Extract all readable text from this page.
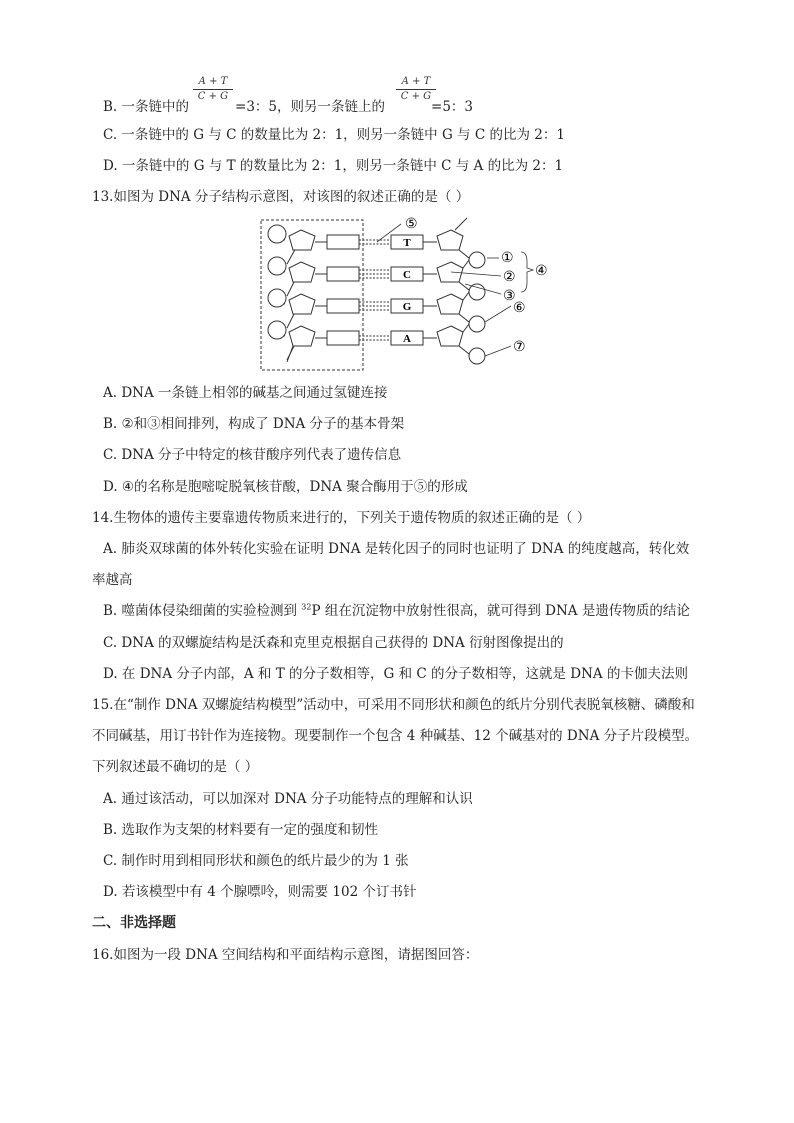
A + T
C + G
A + T
C + G
B. 一条链中的	=3：5，则另一条链上的	=5：3
C. 一条链中的 G 与 C 的数量比为 2：1，则另一条链中 G 与 C 的比为 2：1
D. 一条链中的 G 与 T 的数量比为 2：1，则另一条链中 C 与 A 的比为 2：1
13.如图为 DNA 分子结构示意图，对该图的叙述正确的是（ ）
T
C
G
A
⑤
①
②
③
④
⑥
⑦
A. DNA 一条链上相邻的碱基之间通过氢键连接
B. ②和③相间排列，构成了 DNA 分子的基本骨架
C. DNA 分子中特定的核苷酸序列代表了遗传信息
D. ④的名称是胞嘧啶脱氧核苷酸，DNA 聚合酶用于⑤的形成
14.生物体的遗传主要靠遗传物质来进行的，下列关于遗传物质的叙述正确的是（ ）
A. 肺炎双球菌的体外转化实验在证明 DNA 是转化因子的同时也证明了 DNA 的纯度越高，转化效
率越高
B. 噬菌体侵染细菌的实验检测到 $^{32}$P 组在沉淀物中放射性很高，就可得到 DNA 是遗传物质的结论
C. DNA 的双螺旋结构是沃森和克里克根据自己获得的 DNA 衍射图像提出的
D. 在 DNA 分子内部，A 和 T 的分子数相等，G 和 C 的分子数相等，这就是 DNA 的卡伽夫法则
15.在“制作 DNA 双螺旋结构模型”活动中，可采用不同形状和颜色的纸片分别代表脱氧核糖、磷酸和
不同碱基，用订书针作为连接物。现要制作一个包含 4 种碱基、12 个碱基对的 DNA 分子片段模型。
下列叙述最不确切的是（ ）
A. 通过该活动，可以加深对 DNA 分子功能特点的理解和认识
B. 选取作为支架的材料要有一定的强度和韧性
C. 制作时用到相同形状和颜色的纸片最少的为 1 张
D. 若该模型中有 4 个腺嘌呤，则需要 102 个订书针
二、非选择题
16.如图为一段 DNA 空间结构和平面结构示意图，请据图回答：
